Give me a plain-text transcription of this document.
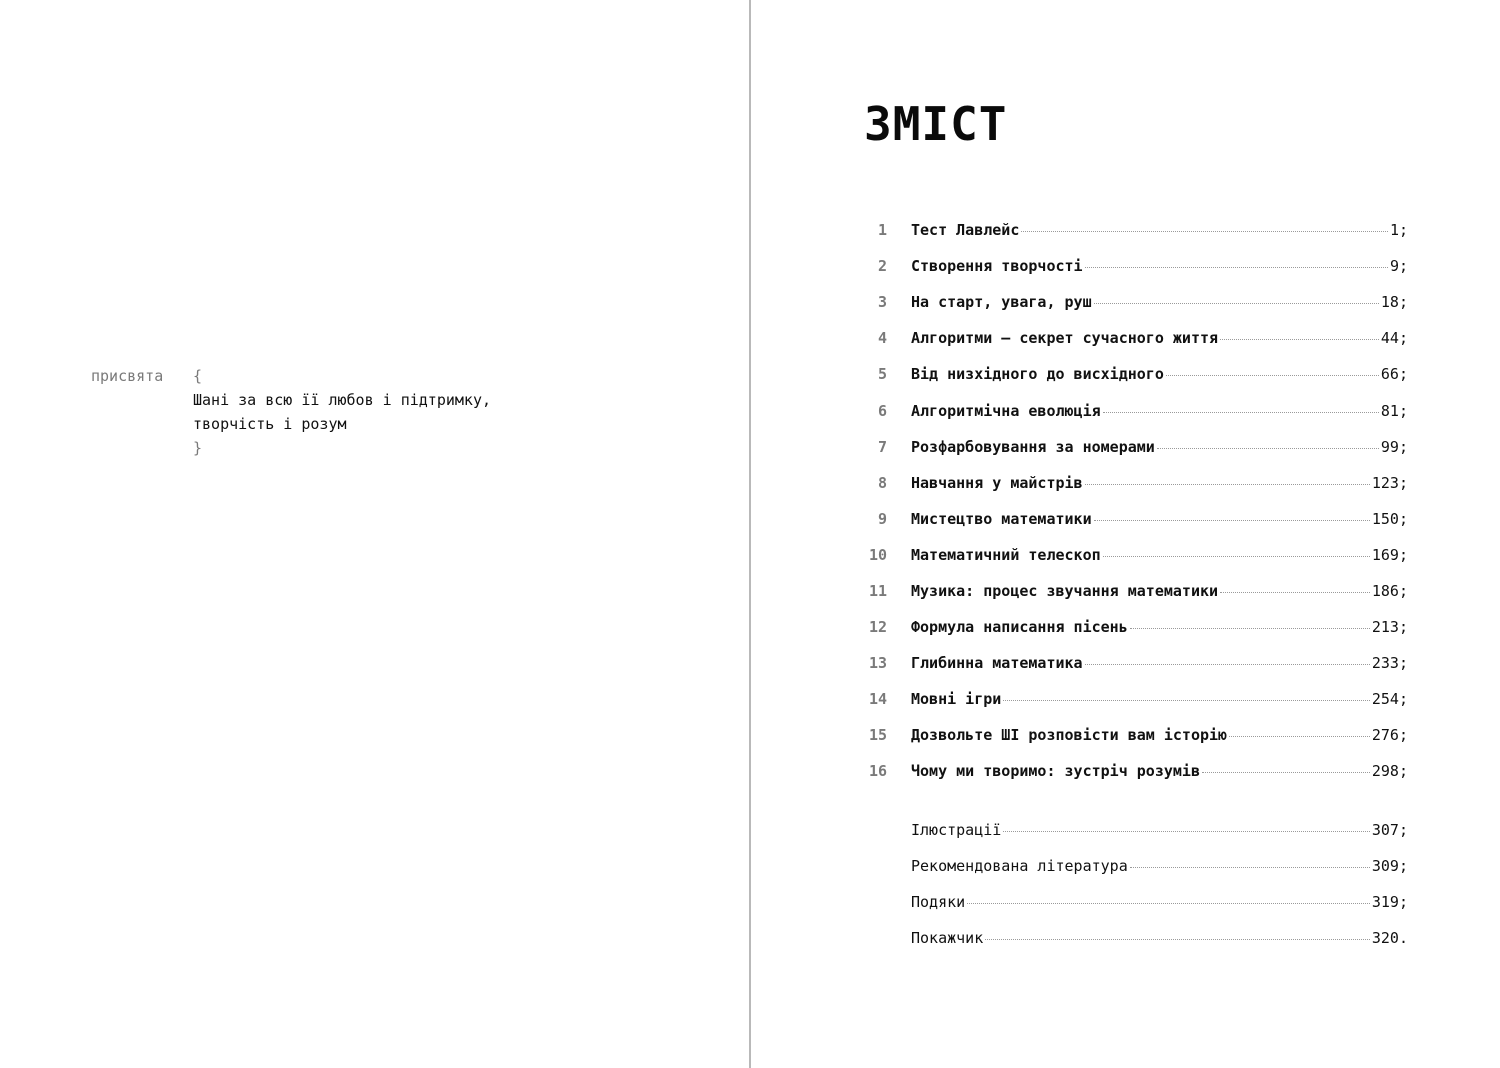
присвята {
Шані за всю її любов і підтримку,
творчість і розум
}
ЗМІСТ
1 Тест Лавлейс	1;
2 Створення творчості	9;
3 На старт, увага, руш	18;
4 Алгоритми — секрет сучасного життя	44;
5 Від низхідного до висхідного	66;
6 Алгоритмічна еволюція	81;
7 Розфарбовування за номерами	99;
8 Навчання у майстрів	123;
9 Мистецтво математики	150;
10 Математичний телескоп	169;
11 Музика: процес звучання математики	186;
12 Формула написання пісень	213;
13 Глибинна математика	233;
14 Мовні ігри	254;
15 Дозвольте ШІ розповісти вам історію	276;
16 Чому ми творимо: зустріч розумів	298;
Ілюстрації	307;
Рекомендована література	309;
Подяки	319;
Покажчик	320.
